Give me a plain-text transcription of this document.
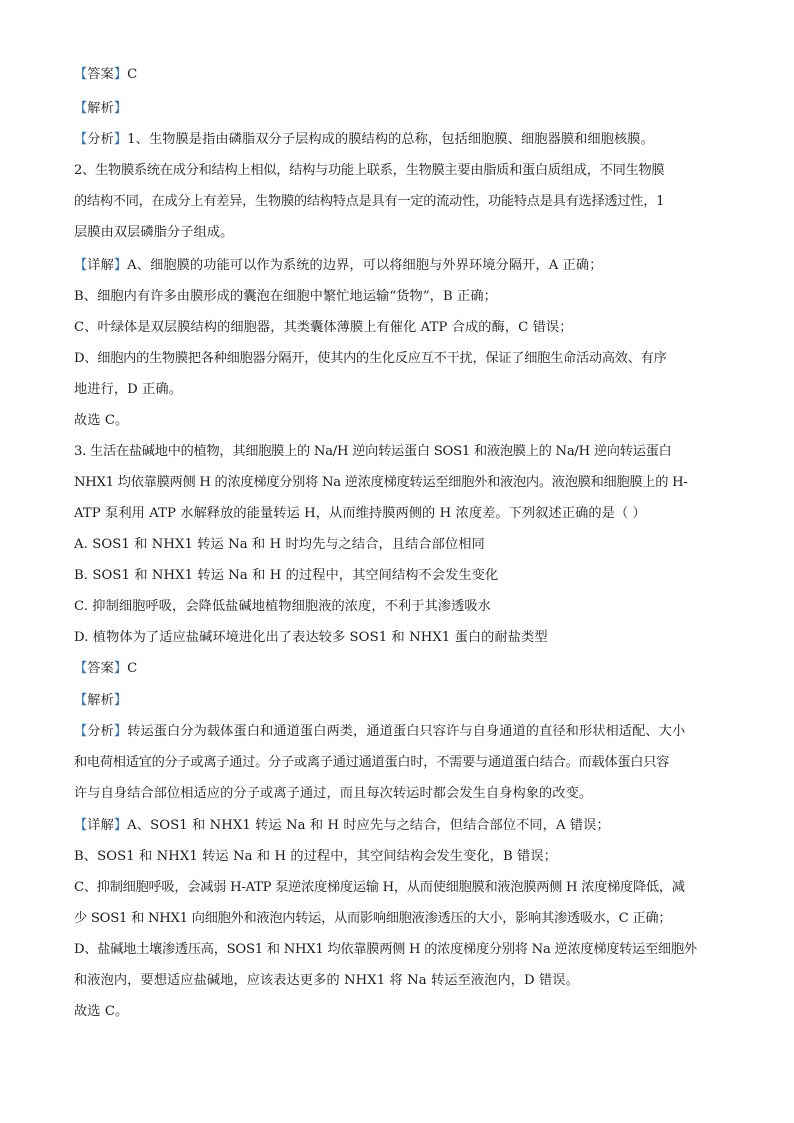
【答案】C
【解析】
【分析】1、生物膜是指由磷脂双分子层构成的膜结构的总称，包括细胞膜、细胞器膜和细胞核膜。
2、生物膜系统在成分和结构上相似，结构与功能上联系，生物膜主要由脂质和蛋白质组成，不同生物膜
的结构不同，在成分上有差异，生物膜的结构特点是具有一定的流动性，功能特点是具有选择透过性，1
层膜由双层磷脂分子组成。
【详解】A、细胞膜的功能可以作为系统的边界，可以将细胞与外界环境分隔开，A 正确；
B、细胞内有许多由膜形成的囊泡在细胞中繁忙地运输“货物”，B 正确；
C、叶绿体是双层膜结构的细胞器，其类囊体薄膜上有催化 ATP 合成的酶，C 错误；
D、细胞内的生物膜把各种细胞器分隔开，使其内的生化反应互不干扰，保证了细胞生命活动高效、有序
地进行，D 正确。
故选 C。
3. 生活在盐碱地中的植物，其细胞膜上的 Na/H 逆向转运蛋白 SOS1 和液泡膜上的 Na/H 逆向转运蛋白
NHX1 均依靠膜两侧 H 的浓度梯度分别将 Na 逆浓度梯度转运至细胞外和液泡内。液泡膜和细胞膜上的 H-
ATP 泵利用 ATP 水解释放的能量转运 H，从而维持膜两侧的 H 浓度差。下列叙述正确的是（ ）
A. SOS1 和 NHX1 转运 Na 和 H 时均先与之结合，且结合部位相同
B. SOS1 和 NHX1 转运 Na 和 H 的过程中，其空间结构不会发生变化
C. 抑制细胞呼吸，会降低盐碱地植物细胞液的浓度，不利于其渗透吸水
D. 植物体为了适应盐碱环境进化出了表达较多 SOS1 和 NHX1 蛋白的耐盐类型
【答案】C
【解析】
【分析】转运蛋白分为载体蛋白和通道蛋白两类，通道蛋白只容许与自身通道的直径和形状相适配、大小
和电荷相适宜的分子或离子通过。分子或离子通过通道蛋白时，不需要与通道蛋白结合。而载体蛋白只容
许与自身结合部位相适应的分子或离子通过，而且每次转运时都会发生自身构象的改变。
【详解】A、SOS1 和 NHX1 转运 Na 和 H 时应先与之结合，但结合部位不同，A 错误；
B、SOS1 和 NHX1 转运 Na 和 H 的过程中，其空间结构会发生变化，B 错误；
C、抑制细胞呼吸，会减弱 H-ATP 泵逆浓度梯度运输 H，从而使细胞膜和液泡膜两侧 H 浓度梯度降低，减
少 SOS1 和 NHX1 向细胞外和液泡内转运，从而影响细胞液渗透压的大小，影响其渗透吸水，C 正确；
D、盐碱地土壤渗透压高，SOS1 和 NHX1 均依靠膜两侧 H 的浓度梯度分别将 Na 逆浓度梯度转运至细胞外
和液泡内，要想适应盐碱地，应该表达更多的 NHX1 将 Na 转运至液泡内，D 错误。
故选 C。
